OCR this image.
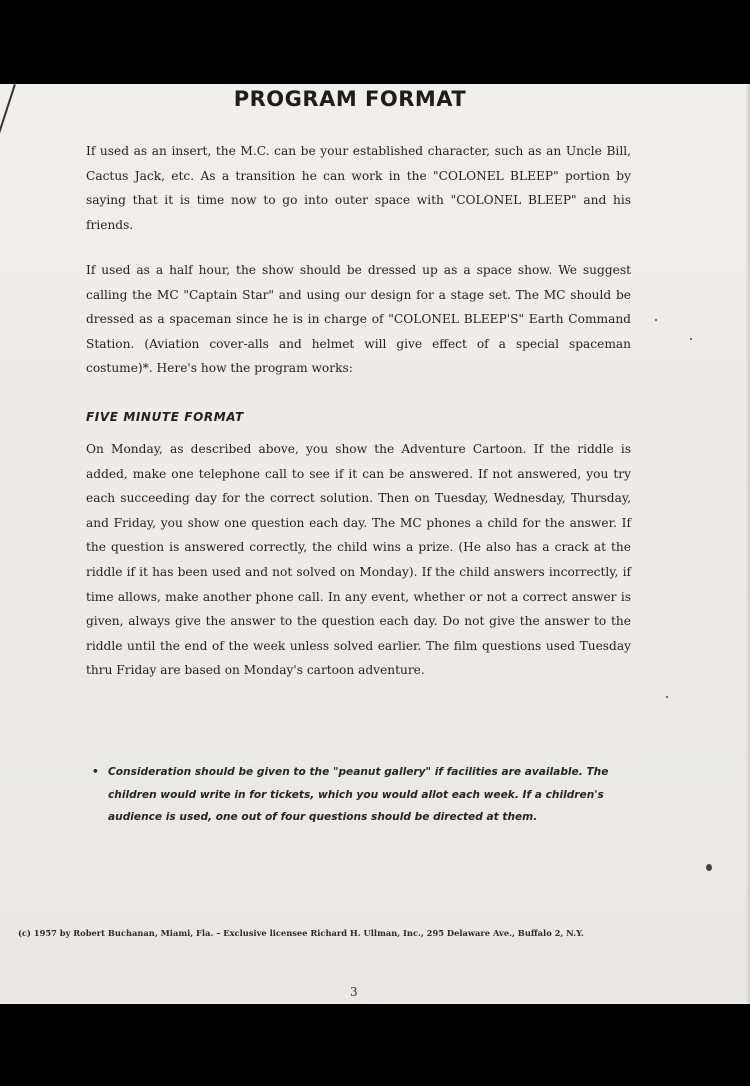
PROGRAM FORMAT

If used as an insert, the M.C. can be your established character, such as an Uncle Bill, Cactus Jack, etc. As a transition he can work in the "COLONEL BLEEP" portion by saying that it is time now to go into outer space with "COLONEL BLEEP" and his friends.

If used as a half hour, the show should be dressed up as a space show. We suggest calling the MC "Captain Star" and using our design for a stage set. The MC should be dressed as a spaceman since he is in charge of "COLONEL BLEEP'S" Earth Command Station. (Aviation cover-alls and helmet will give effect of a special spaceman costume)*. Here's how the program works:

FIVE MINUTE FORMAT

On Monday, as described above, you show the Adventure Cartoon. If the riddle is added, make one telephone call to see if it can be answered. If not answered, you try each succeeding day for the correct solution. Then on Tuesday, Wednesday, Thursday, and Friday, you show one question each day. The MC phones a child for the answer. If the question is answered correctly, the child wins a prize. (He also has a crack at the riddle if it has been used and not solved on Monday). If the child answers incorrectly, if time allows, make another phone call. In any event, whether or not a correct answer is given, always give the answer to the question each day. Do not give the answer to the riddle until the end of the week unless solved earlier. The film questions used Tuesday thru Friday are based on Monday's cartoon adventure.

• Consideration should be given to the "peanut gallery" if facilities are available. The children would write in for tickets, which you would allot each week. If a children's audience is used, one out of four questions should be directed at them.

(c) 1957 by Robert Buchanan, Miami, Fla. – Exclusive licensee Richard H. Ullman, Inc., 295 Delaware Ave., Buffalo 2, N.Y.

3
